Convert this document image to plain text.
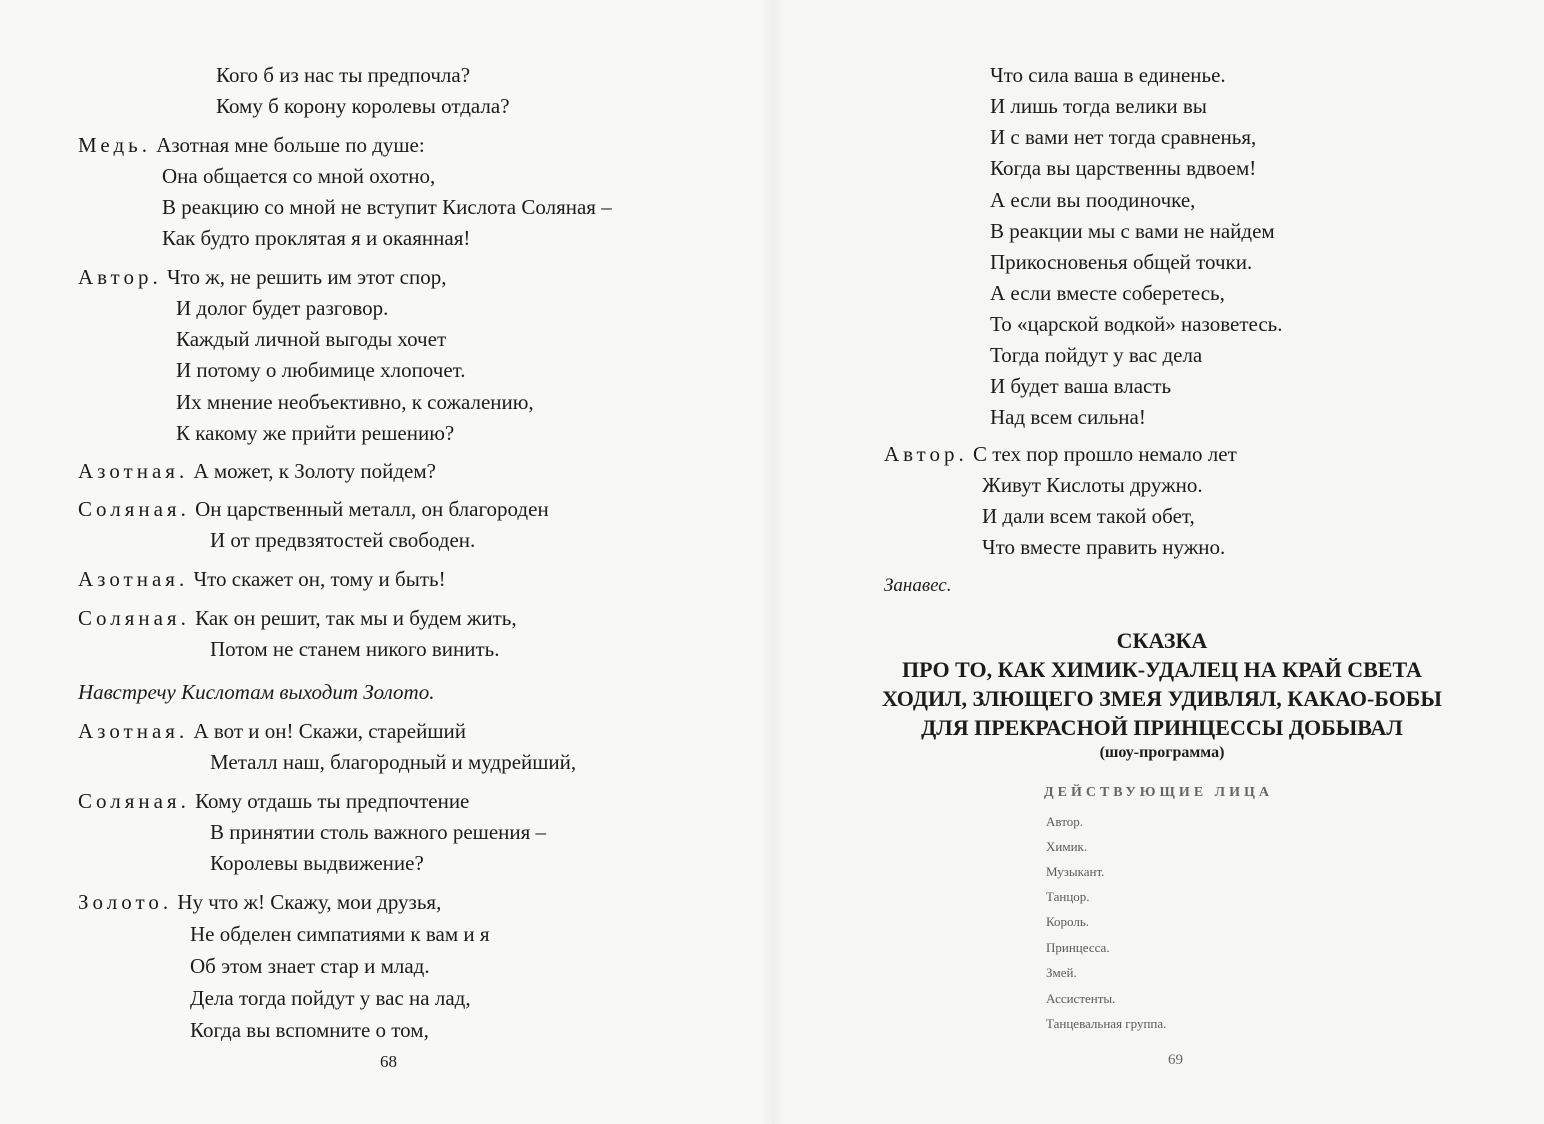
Кого б из нас ты предпочла?
Кому б корону королевы отдала?
Медь. Азотная мне больше по душе:
Она общается со мной охотно,
В реакцию со мной не вступит Кислота Соляная –
Как будто проклятая я и окаянная!
Автор. Что ж, не решить им этот спор,
И долог будет разговор.
Каждый личной выгоды хочет
И потому о любимице хлопочет.
Их мнение необъективно, к сожалению,
К какому же прийти решению?
Азотная. А может, к Золоту пойдем?
Соляная. Он царственный металл, он благороден
И от предвзятостей свободен.
Азотная. Что скажет он, тому и быть!
Соляная. Как он решит, так мы и будем жить,
Потом не станем никого винить.
Навстречу Кислотам выходит Золото.
Азотная. А вот и он! Скажи, старейший
Металл наш, благородный и мудрейший,
Соляная. Кому отдашь ты предпочтение
В принятии столь важного решения –
Королевы выдвижение?
Золото. Ну что ж! Скажу, мои друзья,
Не обделен симпатиями к вам и я
Об этом знает стар и млад.
Дела тогда пойдут у вас на лад,
Когда вы вспомните о том,
68
Что сила ваша в единенье.
И лишь тогда велики вы
И с вами нет тогда сравненья,
Когда вы царственны вдвоем!
А если вы поодиночке,
В реакции мы с вами не найдем
Прикосновенья общей точки.
А если вместе соберетесь,
То «царской водкой» назоветесь.
Тогда пойдут у вас дела
И будет ваша власть
Над всем сильна!
Автор. С тех пор прошло немало лет
Живут Кислоты дружно.
И дали всем такой обет,
Что вместе править нужно.
Занавес.
СКАЗКА
ПРО ТО, КАК ХИМИК-УДАЛЕЦ НА КРАЙ СВЕТА
ХОДИЛ, ЗЛЮЩЕГО ЗМЕЯ УДИВЛЯЛ, КАКАО-БОБЫ
ДЛЯ ПРЕКРАСНОЙ ПРИНЦЕССЫ ДОБЫВАЛ
(шоу-программа)
ДЕЙСТВУЮЩИЕ ЛИЦА
Автор.
Химик.
Музыкант.
Танцор.
Король.
Принцесса.
Змей.
Ассистенты.
Танцевальная группа.
69
